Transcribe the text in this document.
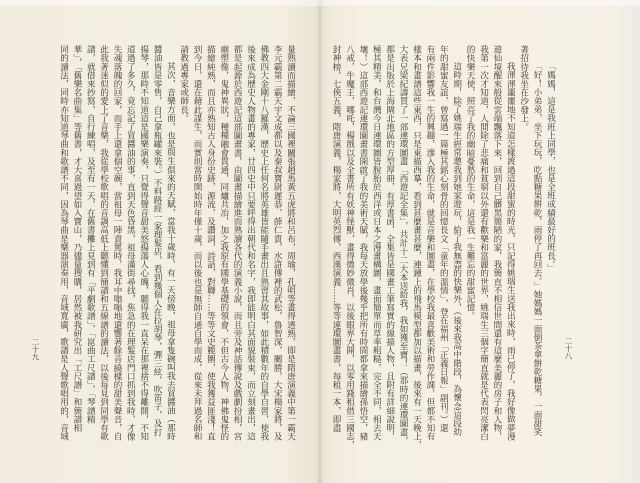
量熟讀而描繪，不論三國裡關張趙馬黃五虎將和呂布，周瑜，孔明等畫得透熟，即是隋唐演義中第一霸天
李元霸第二霸天宇文成都以及秦叔寶尉遲恭，薛仁貴，水滸傳裡的武松，魯智深，關勝，大宋楊家將，及
佛教四大金剛十八羅漢，歷史上任何名將英雄皆能隨手畫出且熟習其故事，如此積數年的自學自習，使我
後來成為歷史人物畫的專家，廿四史中只要呼得出朝代和名字，我即能明白其面貌裝束，而立刻畫出，這
都是起源於西遊記這部圖畫書，由圖畫描繪進而熟讀各代的演義小說，而且旁及神話傳說及戲劇扮相，宮
廟塑像，鬼神異狀，種種融會貫通，同爐共冶，加之我原有國學基礎的領會，不但古今人物，神佛鬼怪的
描繪純熟，而且亦熟知古人身份史跡，源流，及讚詞，詩話，對聯……等等文史範圍，使我獲益匪淺！直
到今日，還在藉此謀生，而實則當時開始時年僅十歲，而以後也是無師自通自學而成，從來未拜過名師和
請教過專家或師長。
其次，音樂方面，也是與生俱來的天賦，當我十歲時，有一天傍晚，祖母拿隻碗叫我去買醬油（那時
醬油皆是零售，自己拿瓶罐來裝。）不料路經一家理髮店，看到幾個人在拉胡琴，彈三絃，吹笛子，及打
揚琴，那時不知道這是國樂演奏，只覺得聲音甜美悠揚蕩人心魄，聽得我一直呆在那裡捨不得離開，不知
道過了多久，竟忘記了買醬油的事，直到天色昏黑，祖母滿街尋找，焦急的在理髮店門口抓到我時，才像
失魂落魄的回家，而手上還拿個空碗，當祖母一陣責罵時，我耳中嗡嗡地還響著餘音繞樑的甜美聲音，自
此我著迷似的愛上了音樂，我從學校歌唱的音調高低上聽懂到簡譜和五線譜的讀法，以後每見到同學有歌
譜，就借來抄寫，自行練唱，及至有一天，在舊書攤上見到有「平劇歌譜」，「崑曲工尺譜」，「琴譜精
華」，「舊樂名曲集」等舊書，才大喜過望如入寶山，乃儘量搜購，居然被我研究出「工尺譜」和簡譜相
同的讀法，同時亦知道琴曲和歌譜不同，因為琴曲是樂器演奏用，音域寬廣，歌譜是人聲歌唱用的，音域
二十九
「媽媽，這是我班上同學，也是全班成績最好的班長。」
「好！小弟弟，坐下玩玩，吃點糖果餅乾，雨停了再回去。」她媽媽一面倒茶拿餅乾糖果，一面甜笑
著招待我坐在沙發上。
我渾渾噩噩地不知道怎樣渡過這段甜蜜的時光，只記得姚瑞生送我出來時，雨已停了，我好像做夢漫
遊仙境醒來般從雲端飄落下來，回到自己髒黑簡陋的家，我簡直不相信世間還有這麼美麗的房子和人物，
我第一次才知道，人間除了悲痛和貧窮以外還有歡樂和富麗的世界，姚瑞生三個字簡直就是代表閃亮潔白
的快樂天使，照亮了我的幽暗憂愁的生命，這是我一生難忘的甜蜜記憶。
這時期，除了姚瑞生經常邀我到她家遊玩，給了我無盡的快樂外，（後來我高中階段，為懷念這段幼
年的甜蜜友誼，曾寫過一篇極其銘心刻骨的回憶長文「童年的溫情」，登在福州「正義日報」副刊。）還
有兩件影響我一生的興趣，滲入我的生命，就是音樂和圖畫，在學校我最喜歡美術和勞作課，但都不知有
樣本和畫譜這些東西，只是東描西摹，看到甚麼畫甚麼，連鐘上的飛馬模型都加以描畫，後來有一天晚上，
大表兄梁紀濤買了一部連環圖畫「西遊記全集」，共計十二大本送給我，我如獲至寶！（那時的連環圖畫，
都是出版於上海閘北地區的方型厚冊，有厚書函，全集皆是國畫工筆寫實的線描人物，且附有詳細說明，
極其精美，和台灣今日連環圖皆脫胎於西洋或日本之漫畫構圖，畫面簡單而草率粗糙，完全不同，相去天
壤！）這部西遊記連環圖畫書開啟了我的美術天賦，我每天放學後幾乎把所有時間都拿來描繪孫悟空，豬
八戒，牛魔王，哪吒，楊戩以及全書所有妖神怪獸，畫得微妙微肖，以後眼界大開，以零用錢租借三國志，
封神榜，七俠五義，隋唐演義，楊家將，大明英烈傳，西漢演義……等等連環圖畫書，每租一本，即盡	二十八
